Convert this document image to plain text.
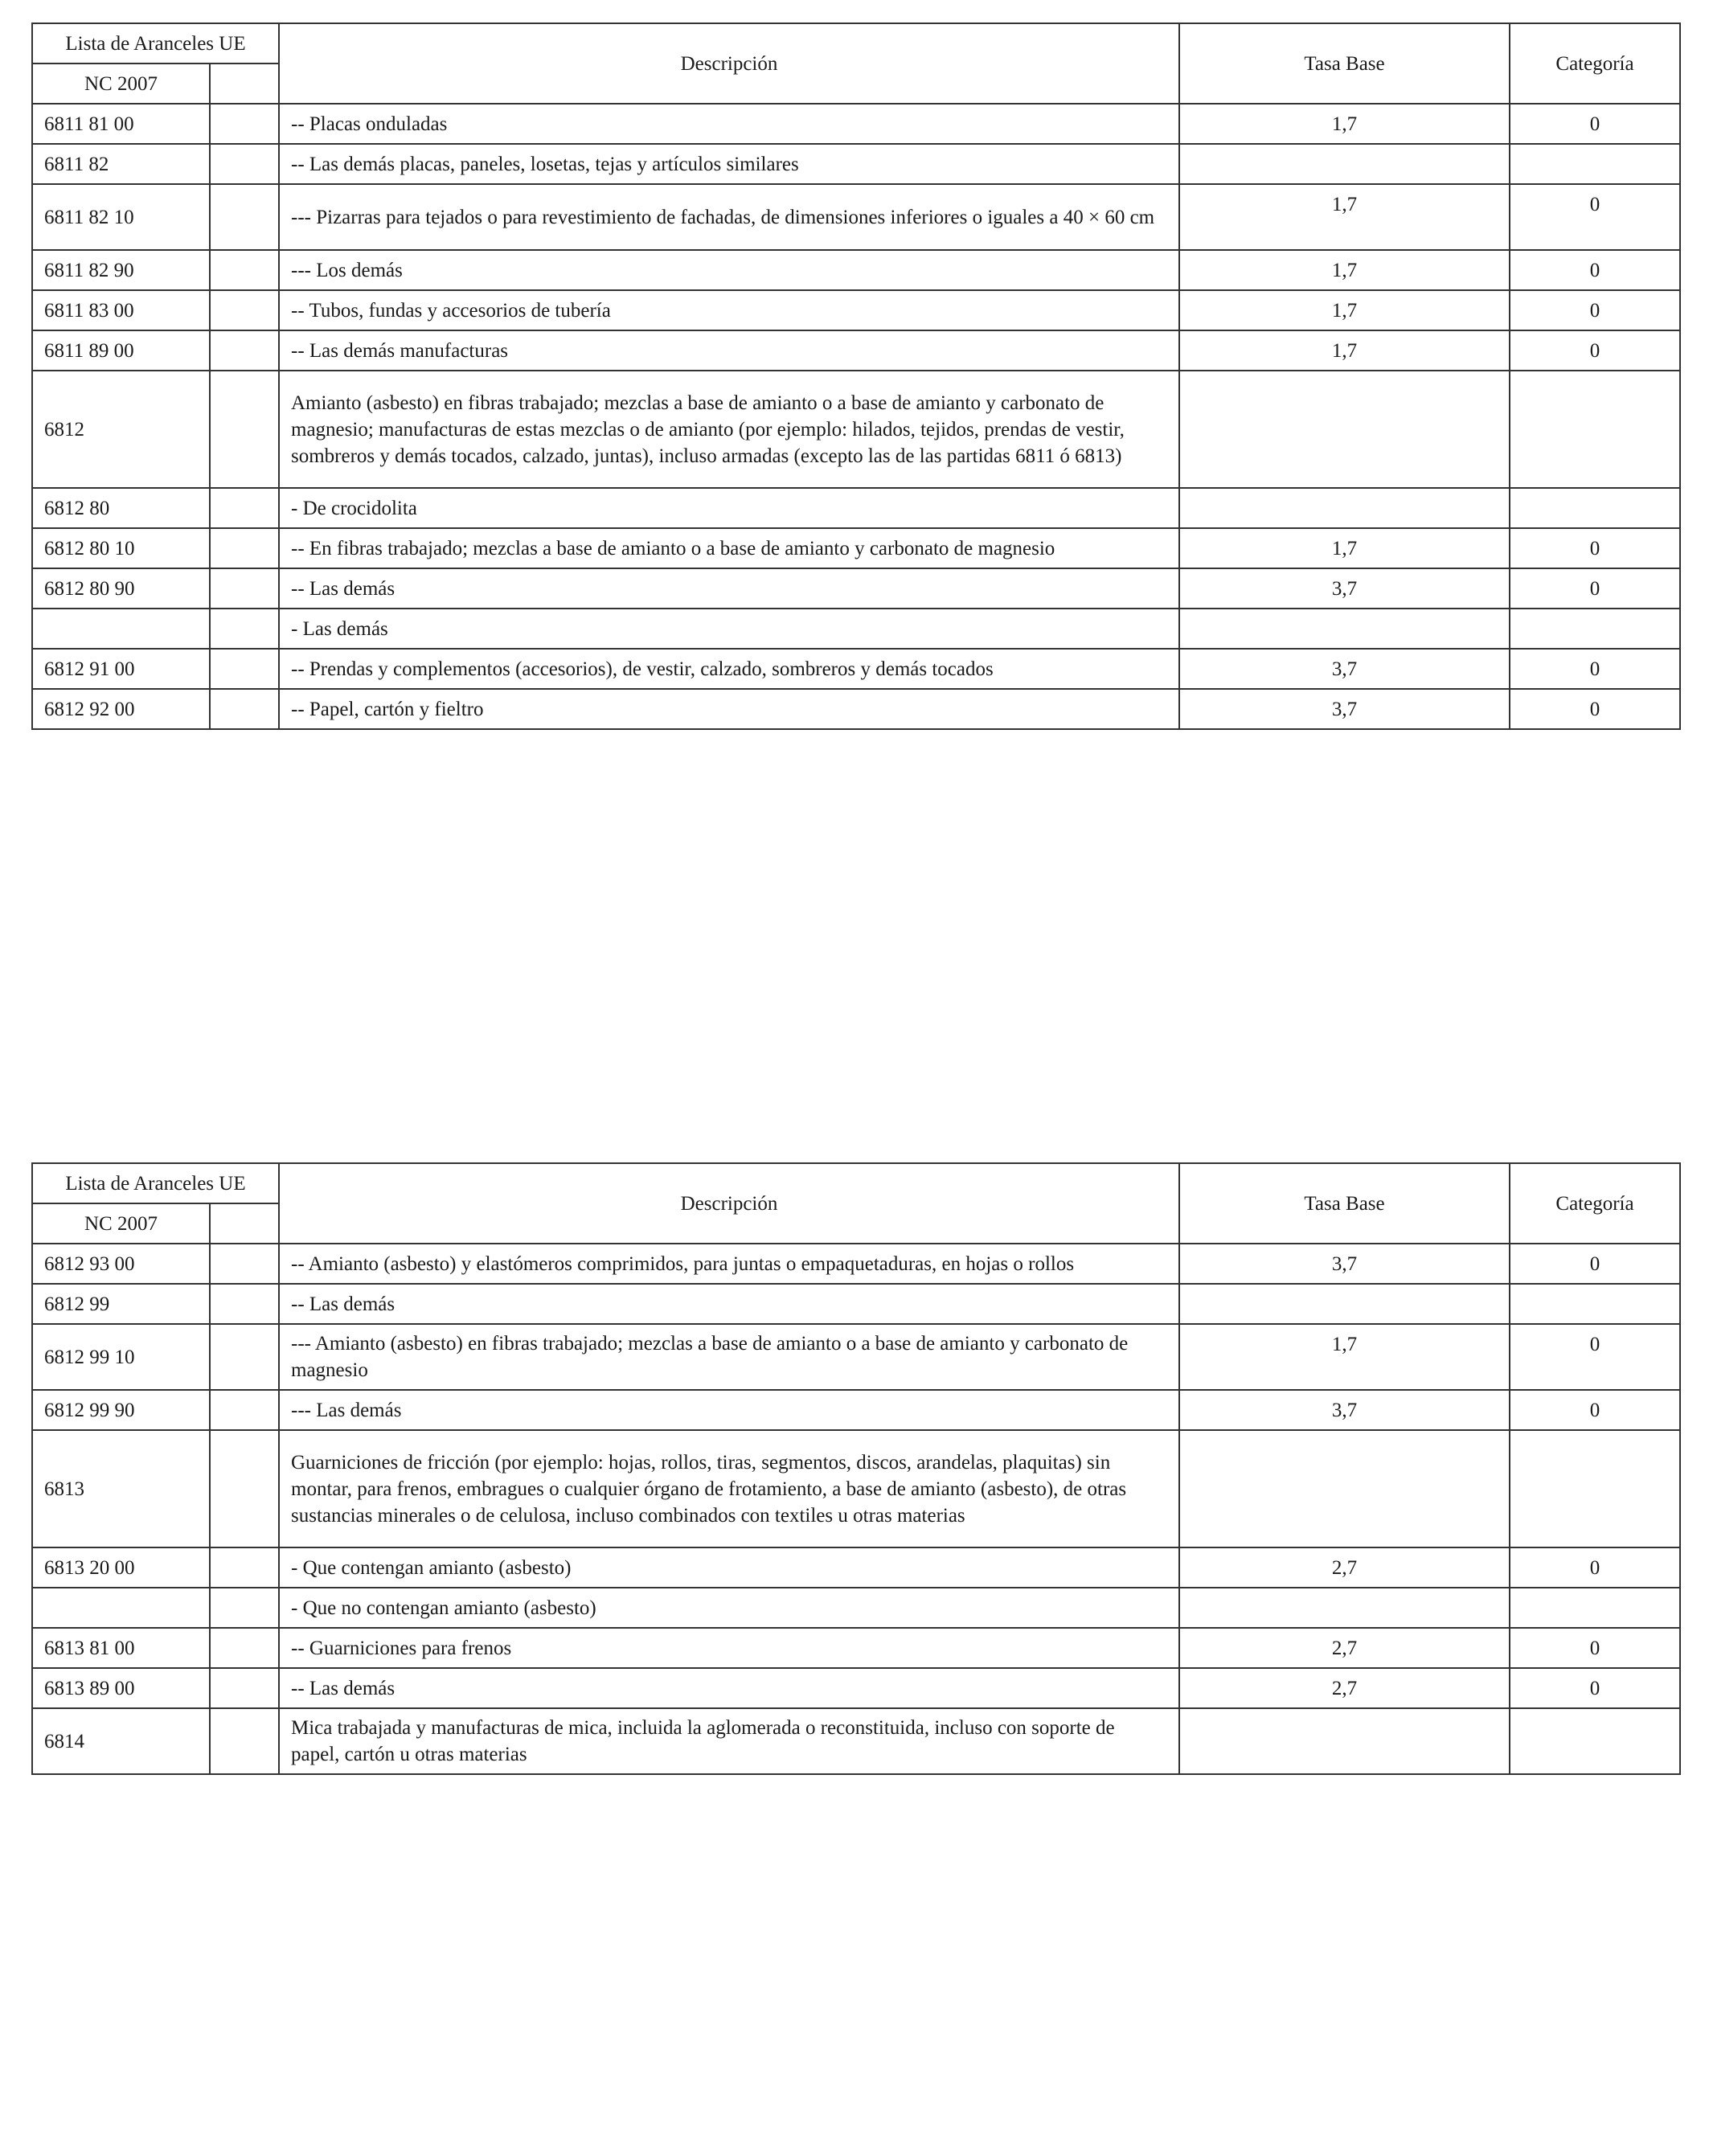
Lista de Aranceles UE		Descripción	Tasa Base	Categoría
NC 2007				
6811 81 00		-- Placas onduladas	1,7	0
6811 82		-- Las demás placas, paneles, losetas, tejas y artículos similares		
6811 82 10		--- Pizarras para tejados o para revestimiento de fachadas, de dimensiones inferiores o iguales a 40 × 60 cm	1,7	0
6811 82 90		--- Los demás	1,7	0
6811 83 00		-- Tubos, fundas y accesorios de tubería	1,7	0
6811 89 00		-- Las demás manufacturas	1,7	0
6812		Amianto (asbesto) en fibras trabajado; mezclas a base de amianto o a base de amianto y carbonato de magnesio; manufacturas de estas mezclas o de amianto (por ejemplo: hilados, tejidos, prendas de vestir, sombreros y demás tocados, calzado, juntas), incluso armadas (excepto las de las partidas 6811 ó 6813)		
6812 80		- De crocidolita		
6812 80 10		-- En fibras trabajado; mezclas a base de amianto o a base de amianto y carbonato de magnesio	1,7	0
6812 80 90		-- Las demás	3,7	0
		- Las demás		
6812 91 00		-- Prendas y complementos (accesorios), de vestir, calzado, sombreros y demás tocados	3,7	0
6812 92 00		-- Papel, cartón y fieltro	3,7	0
Lista de Aranceles UE		Descripción	Tasa Base	Categoría
NC 2007				
6812 93 00		-- Amianto (asbesto) y elastómeros comprimidos, para juntas o empaquetaduras, en hojas o rollos	3,7	0
6812 99		-- Las demás		
6812 99 10		--- Amianto (asbesto) en fibras trabajado; mezclas a base de amianto o a base de amianto y carbonato de magnesio	1,7	0
6812 99 90		--- Las demás	3,7	0
6813		Guarniciones de fricción (por ejemplo: hojas, rollos, tiras, segmentos, discos, arandelas, plaquitas) sin montar, para frenos, embragues o cualquier órgano de frotamiento, a base de amianto (asbesto), de otras sustancias minerales o de celulosa, incluso combinados con textiles u otras materias		
6813 20 00		- Que contengan amianto (asbesto)	2,7	0
		- Que no contengan amianto (asbesto)		
6813 81 00		-- Guarniciones para frenos	2,7	0
6813 89 00		-- Las demás	2,7	0
6814		Mica trabajada y manufacturas de mica, incluida la aglomerada o reconstituida, incluso con soporte de papel, cartón u otras materias		
